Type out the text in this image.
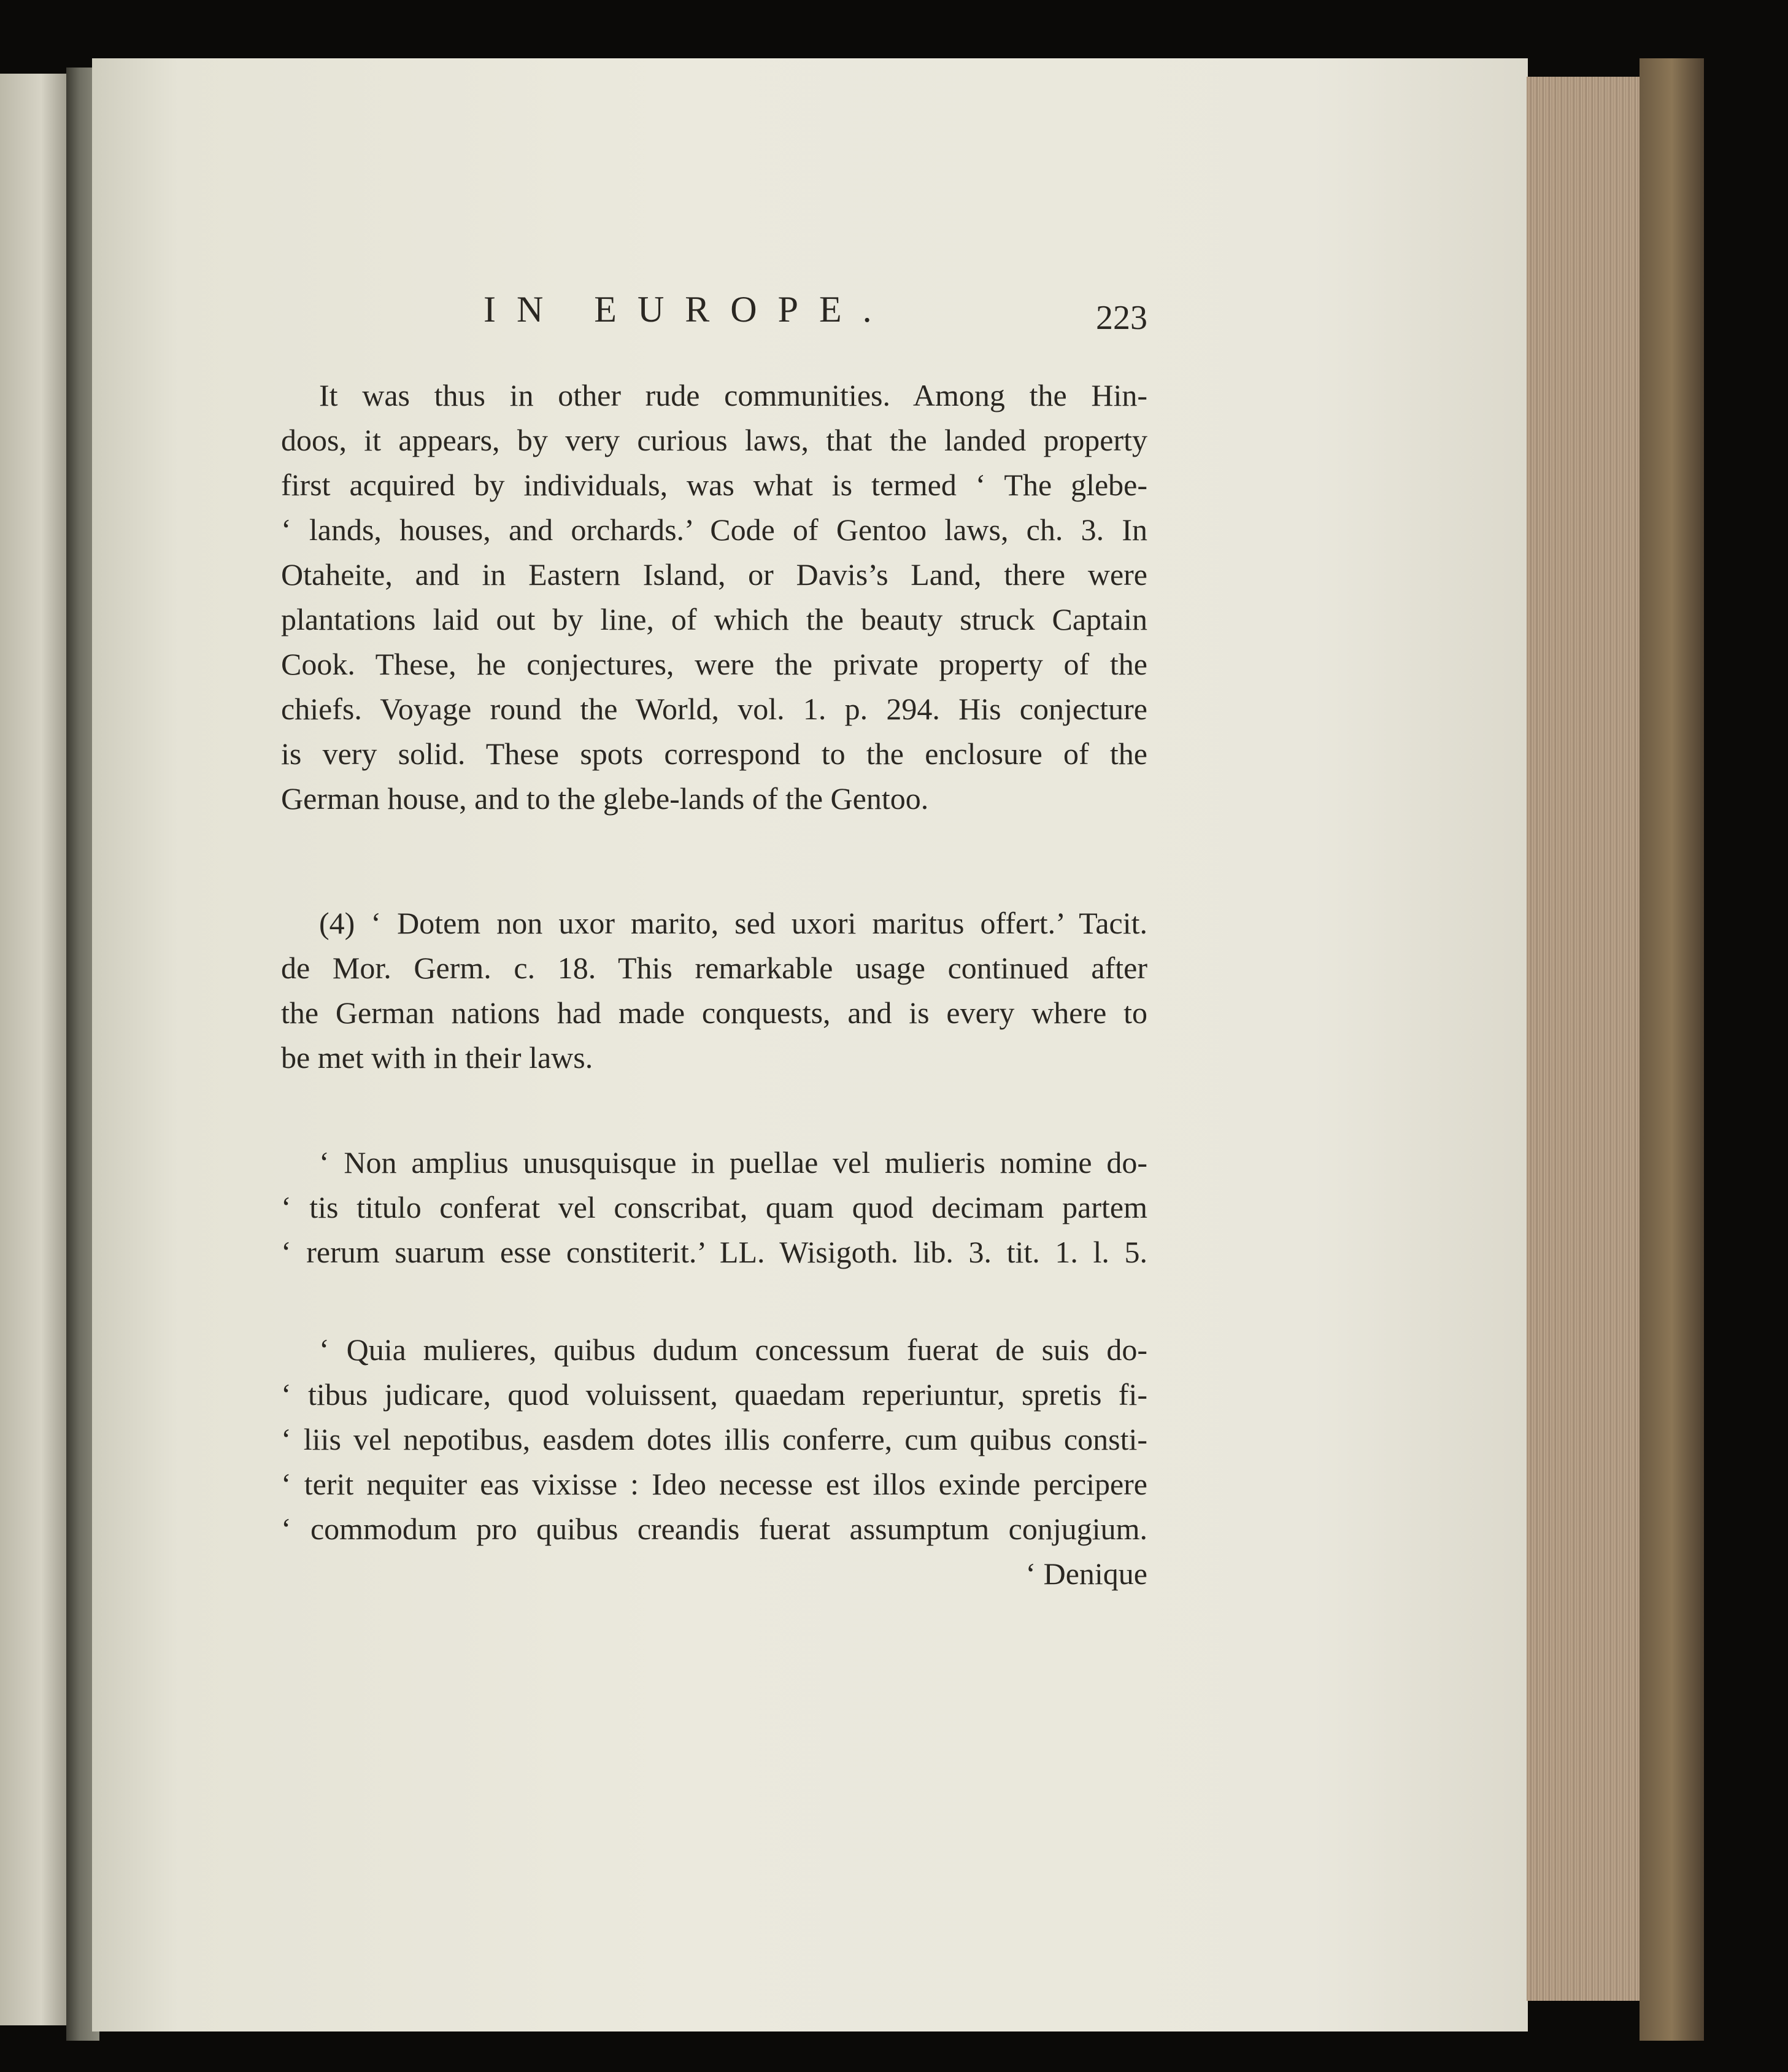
IN EUROPE.	223
It was thus in other rude communities. Among the Hin-
doos, it appears, by very curious laws, that the landed property
first acquired by individuals, was what is termed ‘ The glebe-
‘ lands, houses, and orchards.’ Code of Gentoo laws, ch. 3. In
Otaheite, and in Eastern Island, or Davis’s Land, there were
plantations laid out by line, of which the beauty struck Captain
Cook. These, he conjectures, were the private property of the
chiefs. Voyage round the World, vol. 1. p. 294. His conjecture
is very solid. These spots correspond to the enclosure of the
German house, and to the glebe-lands of the Gentoo.
(4) ‘ Dotem non uxor marito, sed uxori maritus offert.’ Tacit.
de Mor. Germ. c. 18. This remarkable usage continued after
the German nations had made conquests, and is every where to
be met with in their laws.
‘ Non amplius unusquisque in puellae vel mulieris nomine do-
‘ tis titulo conferat vel conscribat, quam quod decimam partem
‘ rerum suarum esse constiterit.’ LL. Wisigoth. lib. 3. tit. 1. l. 5.
‘ Quia mulieres, quibus dudum concessum fuerat de suis do-
‘ tibus judicare, quod voluissent, quaedam reperiuntur, spretis fi-
‘ liis vel nepotibus, easdem dotes illis conferre, cum quibus consti-
‘ terit nequiter eas vixisse : Ideo necesse est illos exinde percipere
‘ commodum pro quibus creandis fuerat assumptum conjugium.
‘ Denique
